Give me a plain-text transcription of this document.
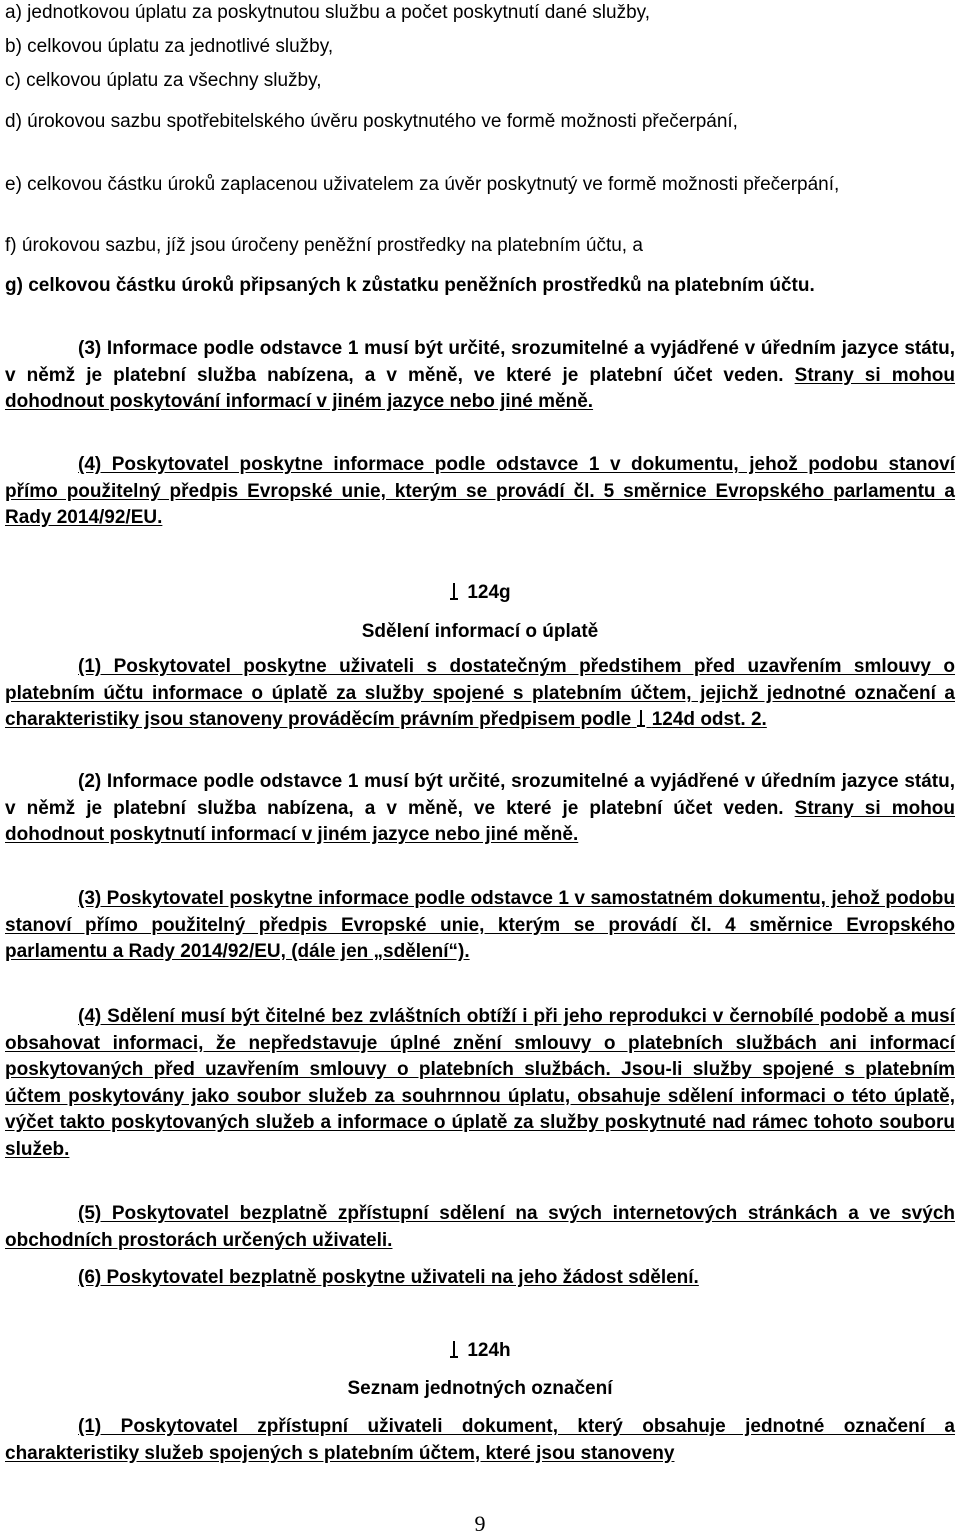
a) jednotkovou úplatu za poskytnutou službu a počet poskytnutí dané služby,

b) celkovou úplatu za jednotlivé služby,

c) celkovou úplatu za všechny služby,

d) úrokovou sazbu spotřebitelského úvěru poskytnutého ve formě možnosti přečerpání,

e) celkovou částku úroků zaplacenou uživatelem za úvěr poskytnutý ve formě možnosti přečerpání,

f) úrokovou sazbu, jíž jsou úročeny peněžní prostředky na platebním účtu, a

g) celkovou částku úroků připsaných k zůstatku peněžních prostředků na platebním účtu.

(3) Informace podle odstavce 1 musí být určité, srozumitelné a vyjádřené v úředním jazyce státu, v němž je platební služba nabízena, a v měně, ve které je platební účet veden. Strany si mohou dohodnout poskytování informací v jiném jazyce nebo jiné měně.

(4) Poskytovatel poskytne informace podle odstavce 1 v dokumentu, jehož podobu stanoví přímo použitelný předpis Evropské unie, kterým se provádí čl. 5 směrnice Evropského parlamentu a Rady 2014/92/EU.

124g

Sdělení informací o úplatě

(1) Poskytovatel poskytne uživateli s dostatečným předstihem před uzavřením smlouvy o platebním účtu informace o úplatě za služby spojené s platebním účtem, jejichž jednotné označení a charakteristiky jsou stanoveny prováděcím právním předpisem podle 124d odst. 2.

(2) Informace podle odstavce 1 musí být určité, srozumitelné a vyjádřené v úředním jazyce státu, v němž je platební služba nabízena, a v měně, ve které je platební účet veden. Strany si mohou dohodnout poskytnutí informací v jiném jazyce nebo jiné měně.

(3) Poskytovatel poskytne informace podle odstavce 1 v samostatném dokumentu, jehož podobu stanoví přímo použitelný předpis Evropské unie, kterým se provádí čl. 4 směrnice Evropského parlamentu a Rady 2014/92/EU, (dále jen „sdělení“).

(4) Sdělení musí být čitelné bez zvláštních obtíží i při jeho reprodukci v černobílé podobě a musí obsahovat informaci, že nepředstavuje úplné znění smlouvy o platebních službách ani informací poskytovaných před uzavřením smlouvy o platebních službách. Jsou-li služby spojené s platebním účtem poskytovány jako soubor služeb za souhrnnou úplatu, obsahuje sdělení informaci o této úplatě, výčet takto poskytovaných služeb a informace o úplatě za služby poskytnuté nad rámec tohoto souboru služeb.

(5) Poskytovatel bezplatně zpřístupní sdělení na svých internetových stránkách a ve svých obchodních prostorách určených uživateli.

(6) Poskytovatel bezplatně poskytne uživateli na jeho žádost sdělení.

124h

Seznam jednotných označení

(1) Poskytovatel zpřístupní uživateli dokument, který obsahuje jednotné označení a charakteristiky služeb spojených s platebním účtem, které jsou stanoveny

9
